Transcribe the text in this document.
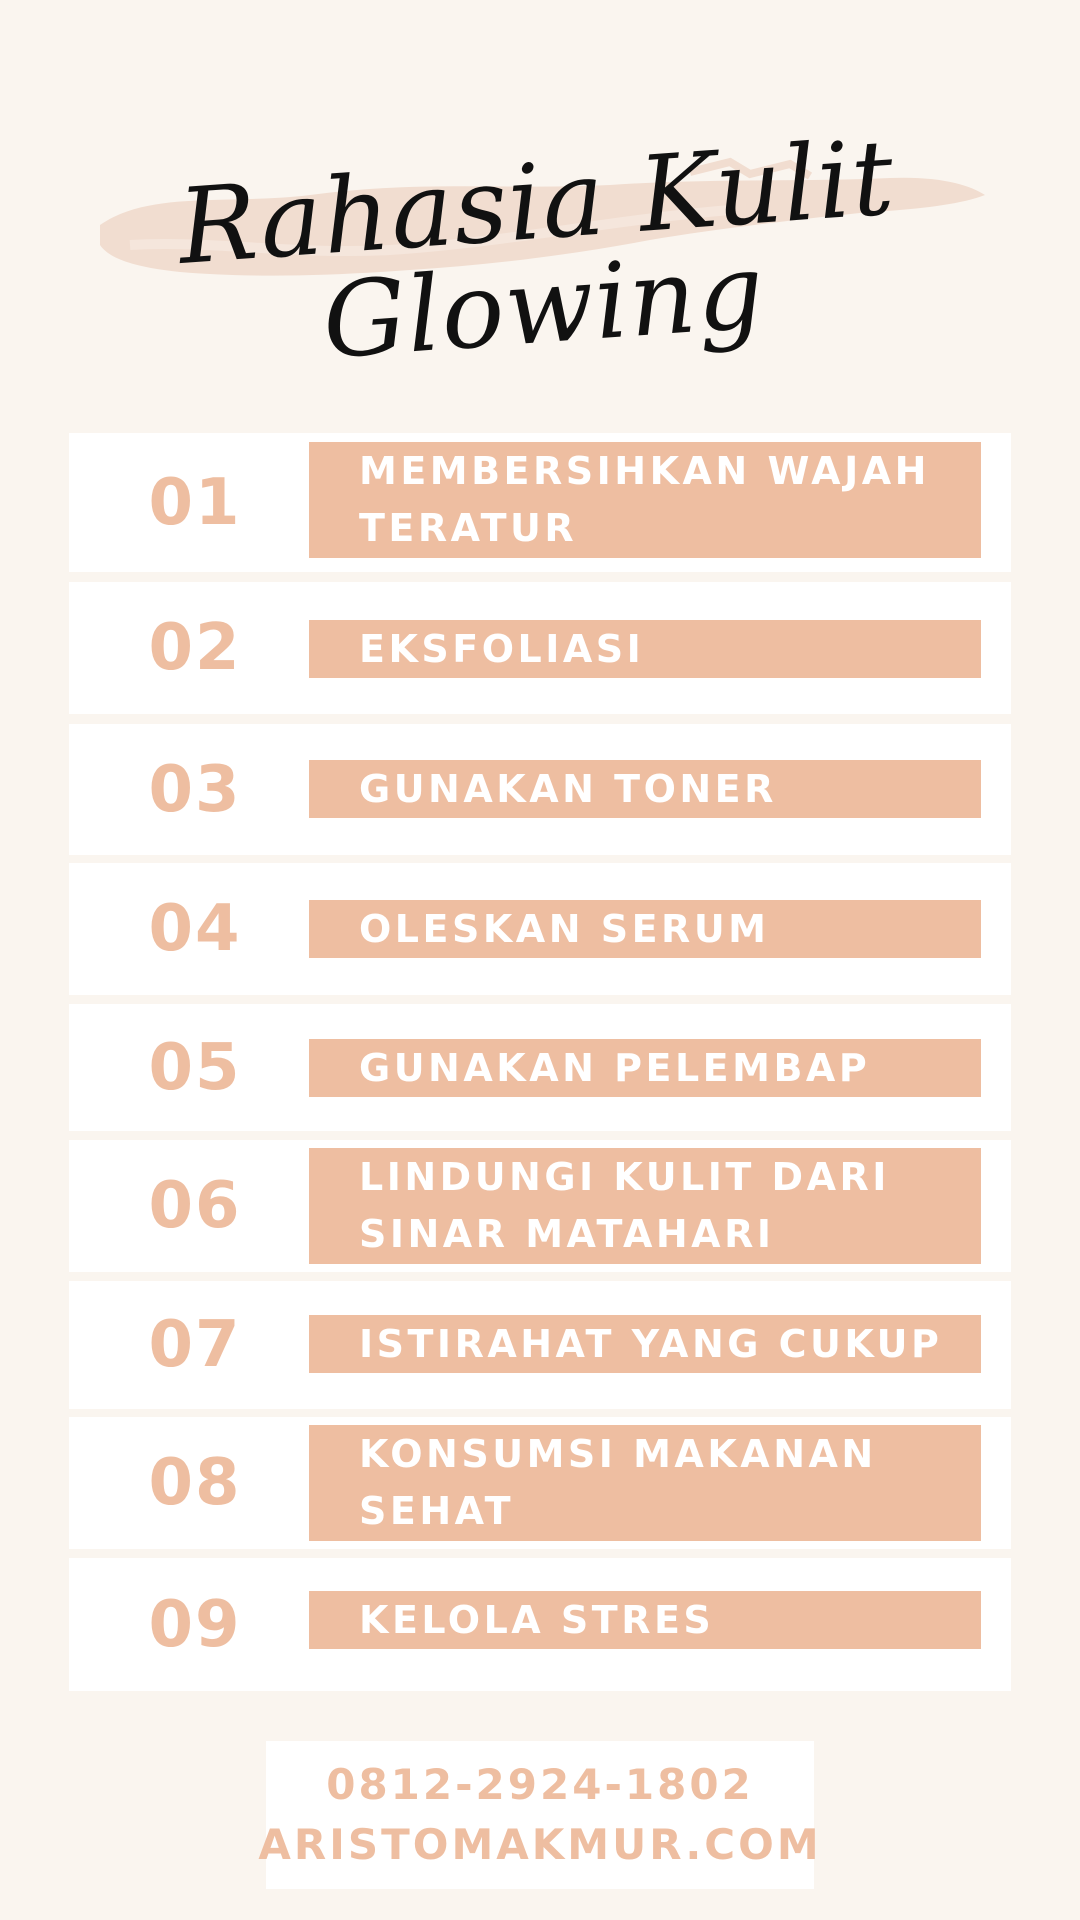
Rahasia Kulit Glowing
01	MEMBERSIHKAN WAJAH TERATUR
02	EKSFOLIASI
03	GUNAKAN TONER
04	OLESKAN SERUM
05	GUNAKAN PELEMBAP
06	LINDUNGI KULIT DARI SINAR MATAHARI
07	ISTIRAHAT YANG CUKUP
08	KONSUMSI MAKANAN SEHAT
09	KELOLA STRES
0812-2924-1802
ARISTOMAKMUR.COM
